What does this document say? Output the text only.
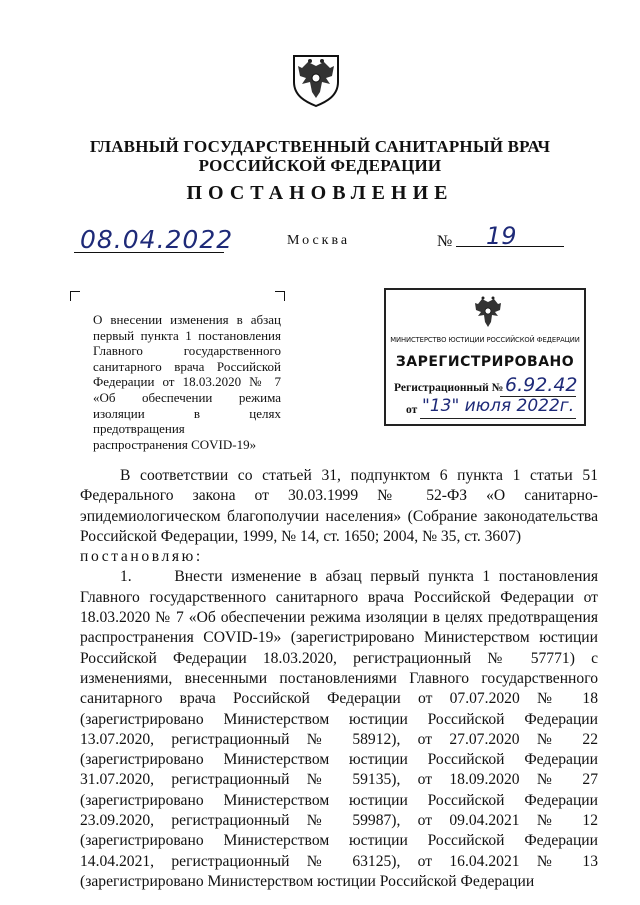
ГЛАВНЫЙ ГОСУДАРСТВЕННЫЙ САНИТАРНЫЙ ВРАЧ
РОССИЙСКОЙ ФЕДЕРАЦИИ
ПОСТАНОВЛЕНИЕ
08.04.2022	Москва	№ 19
О внесении изменения в абзац первый пункта 1 постановления Главного государственного санитарного врача Российской Федерации от 18.03.2020 № 7 «Об обеспечении режима изоляции в целях предотвращения распространения COVID-19»
МИНИСТЕРСТВО ЮСТИЦИИ РОССИЙСКОЙ ФЕДЕРАЦИИ
ЗАРЕГИСТРИРОВАНО
Регистрационный № 6.92.42
от "13" июля 2022г.

В соответствии со статьей 31, подпунктом 6 пункта 1 статьи 51 Федерального закона от 30.03.1999 № 52-ФЗ «О санитарно-эпидемиологическом благополучии населения» (Собрание законодательства Российской Федерации, 1999, № 14, ст. 1650; 2004, № 35, ст. 3607)

постановляю:

1.	Внести изменение в абзац первый пункта 1 постановления Главного государственного санитарного врача Российской Федерации от 18.03.2020 № 7 «Об обеспечении режима изоляции в целях предотвращения распространения COVID-19» (зарегистрировано Министерством юстиции Российской Федерации 18.03.2020, регистрационный № 57771) с изменениями, внесенными постановлениями Главного государственного санитарного врача Российской Федерации от 07.07.2020 № 18 (зарегистрировано Министерством юстиции Российской Федерации 13.07.2020, регистрационный № 58912), от 27.07.2020 № 22 (зарегистрировано Министерством юстиции Российской Федерации 31.07.2020, регистрационный № 59135), от 18.09.2020 № 27 (зарегистрировано Министерством юстиции Российской Федерации 23.09.2020, регистрационный № 59987), от 09.04.2021 № 12 (зарегистрировано Министерством юстиции Российской Федерации 14.04.2021, регистрационный № 63125), от 16.04.2021 № 13 (зарегистрировано Министерством юстиции Российской Федерации
